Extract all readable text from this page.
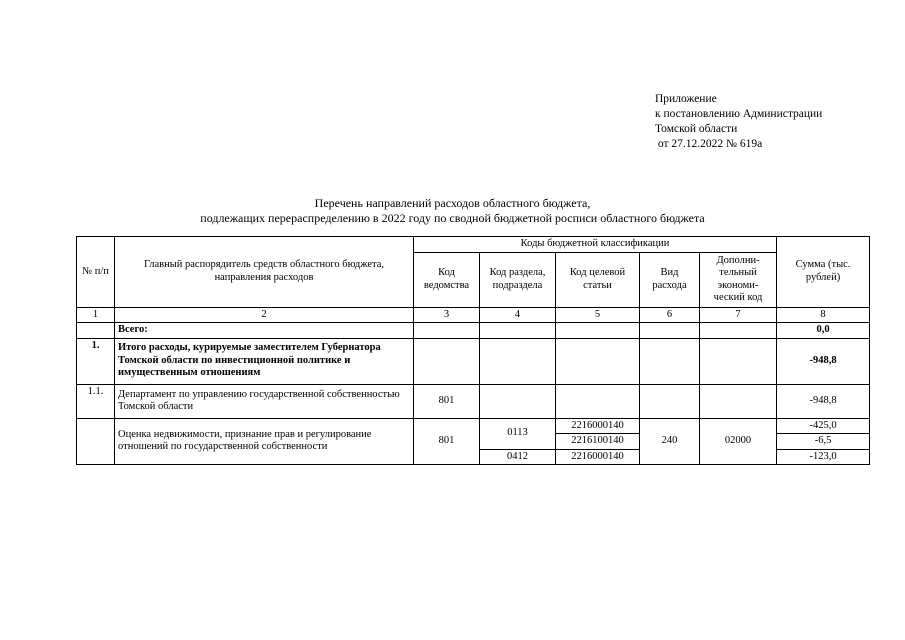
Приложение
к постановлению Администрации
Томской области
от 27.12.2022 № 619а
Перечень направлений расходов областного бюджета,
подлежащих перераспределению в 2022 году по сводной бюджетной росписи областного бюджета
№ п/п	Главный распорядитель средств областного бюджета, направления расходов	Коды бюджетной классификации					Сумма (тыс. рублей)
		Код ведомства	Код раздела, подраздела	Код целевой статьи	Вид расхода	Дополни-тельный экономи-ческий код	
1	2	3	4	5	6	7	8
	Всего:						0,0
1.	Итого расходы, курируемые заместителем Губернатора Томской области по инвестиционной политике и имущественным отношениям						-948,8
1.1.	Департамент по управлению государственной собственностью Томской области	801					-948,8
	Оценка недвижимости, признание прав и регулирование отношений по государственной собственности	801	0113	2216000140	240	02000	-425,0
				2216100140			-6,5
			0412	2216000140			-123,0
